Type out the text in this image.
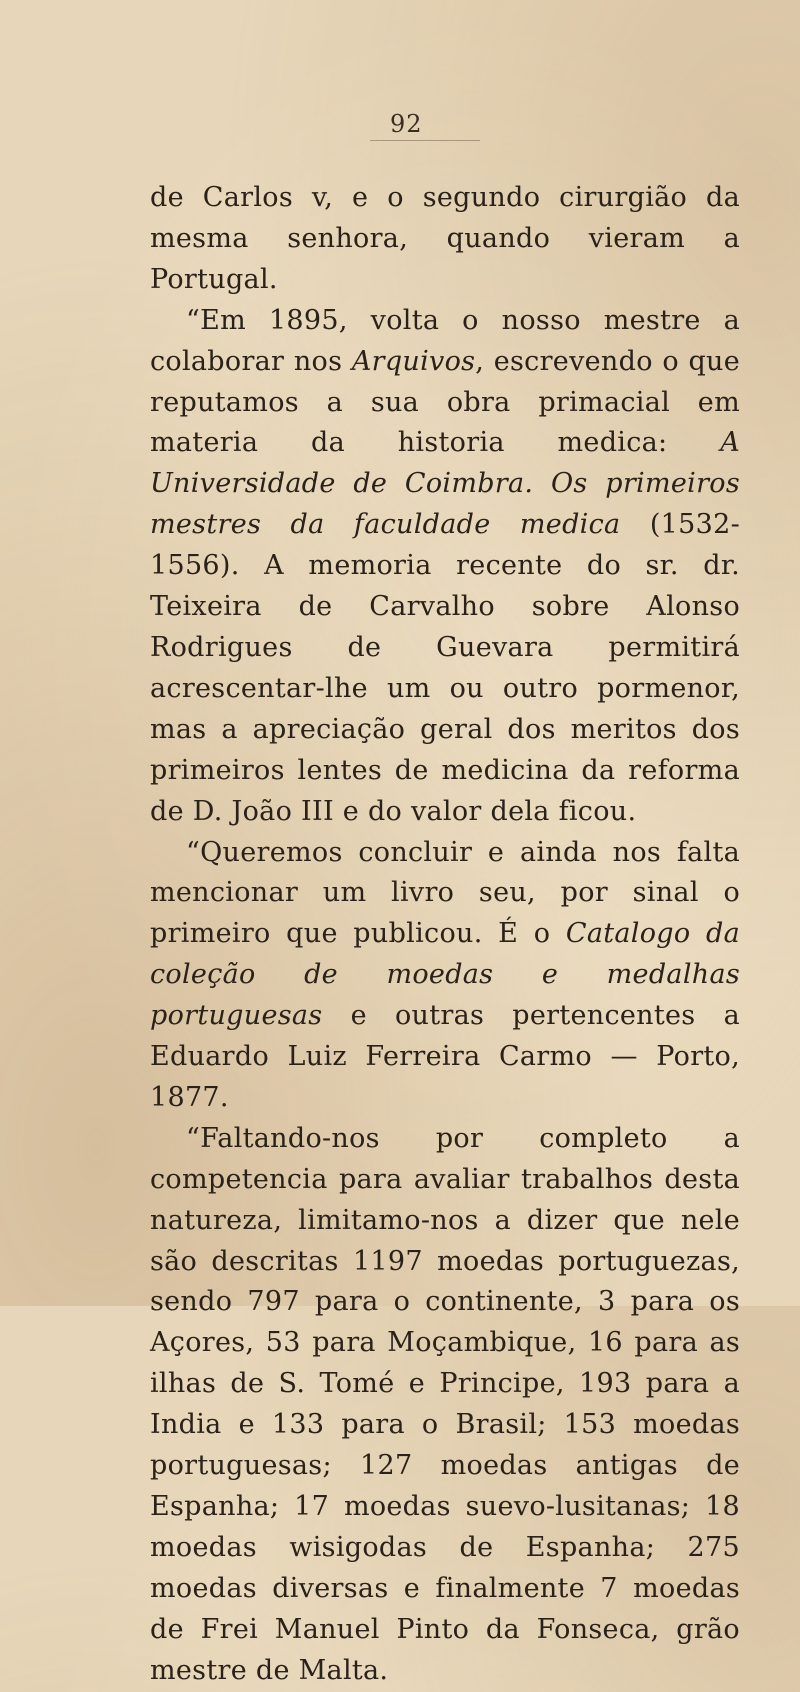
92

de Carlos v, e o segundo cirurgião da mesma senhora, quando vieram a Portugal.

“Em 1895, volta o nosso mestre a colaborar nos Arquivos, escrevendo o que reputamos a sua obra primacial em materia da historia medica: A Universidade de Coimbra. Os primeiros mestres da faculdade medica (1532-1556). A memoria recente do sr. dr. Teixeira de Carvalho sobre Alonso Rodrigues de Guevara permitirá acrescentar-lhe um ou outro pormenor, mas a apreciação geral dos meritos dos primeiros lentes de medicina da reforma de D. João III e do valor dela ficou.

“Queremos concluir e ainda nos falta mencionar um livro seu, por sinal o primeiro que publicou. É o Catalogo da coleção de moedas e medalhas portuguesas e outras pertencentes a Eduardo Luiz Ferreira Carmo — Porto, 1877.

“Faltando-nos por completo a competencia para avaliar trabalhos desta natureza, limitamo-nos a dizer que nele são descritas 1197 moedas portuguezas, sendo 797 para o continente, 3 para os Açores, 53 para Moçambique, 16 para as ilhas de S. Tomé e Principe, 193 para a India e 133 para o Brasil; 153 moedas portuguesas; 127 moedas antigas de Espanha; 17 moedas suevo-lusitanas; 18 moedas wisigodas de Espanha; 275 moedas diversas e finalmente 7 moedas de Frei Manuel Pinto da Fonseca, grão mestre de Malta.
